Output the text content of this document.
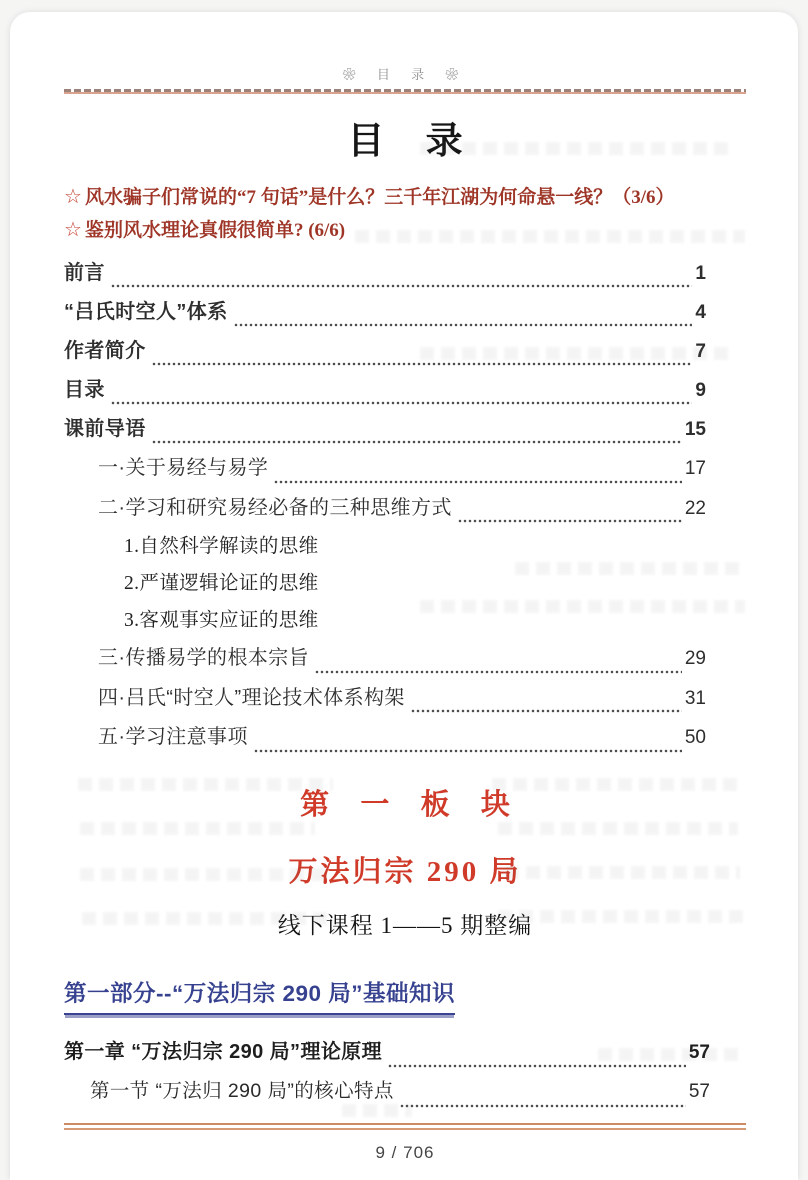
❀ 目 录 ❀
目 录
☆ 风水骗子们常说的“7 句话”是什么？三千年江湖为何命悬一线？（3/6）
☆ 鉴别风水理论真假很简单? (6/6)
前言	1
“吕氏时空人”体系	4
作者简介	7
目录	9
课前导语	15
一·关于易经与易学	17
二·学习和研究易经必备的三种思维方式	22
1.自然科学解读的思维
2.严谨逻辑论证的思维
3.客观事实应证的思维
三·传播易学的根本宗旨	29
四·吕氏“时空人”理论技术体系构架	31
五·学习注意事项	50
第 一 板 块
万法归宗 290 局
线下课程 1——5 期整编
第一部分--“万法归宗 290 局”基础知识
第一章 “万法归宗 290 局”理论原理	57
第一节 “万法归 290 局”的核心特点	57
9 / 706
